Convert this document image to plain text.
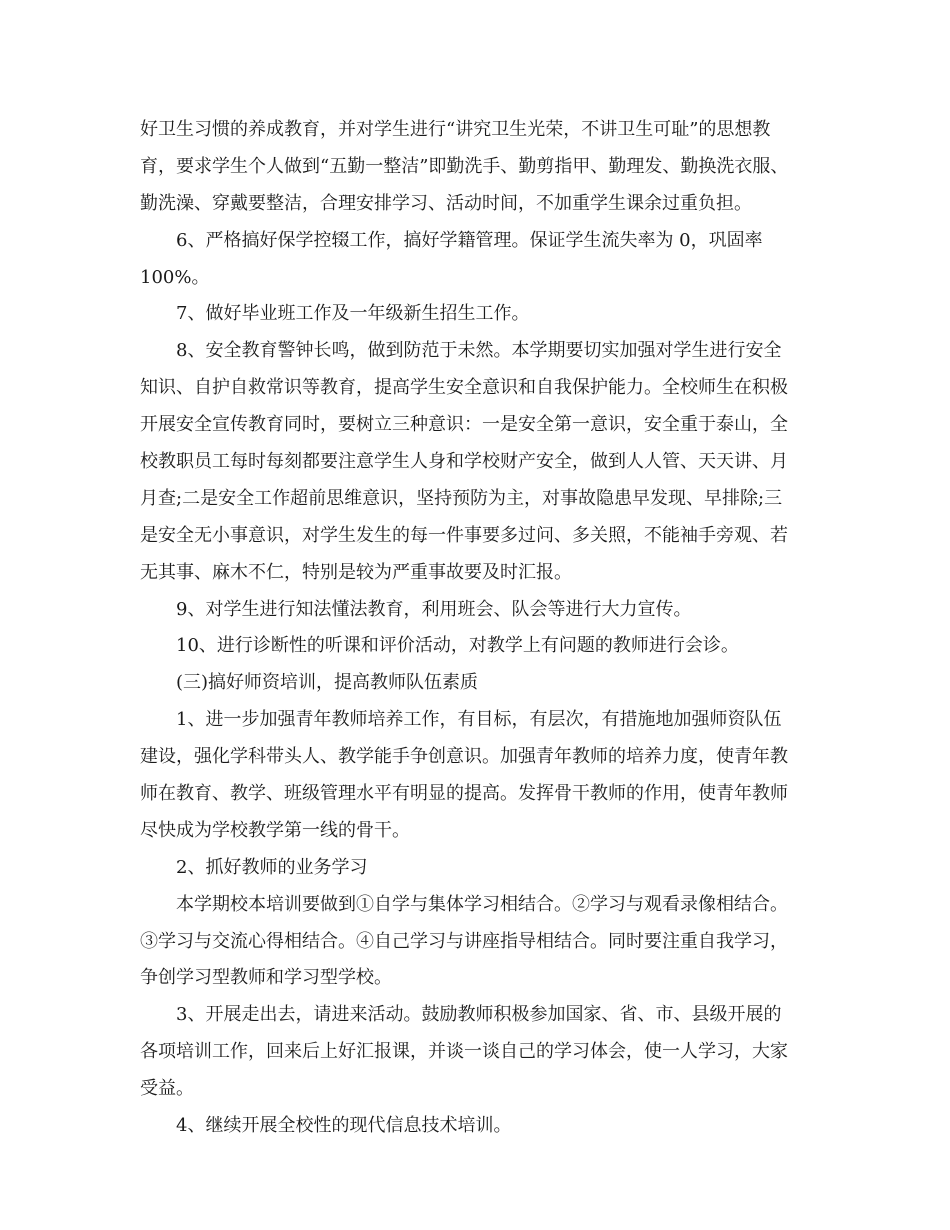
好卫生习惯的养成教育，并对学生进行“讲究卫生光荣，不讲卫生可耻”的思想教
育，要求学生个人做到“五勤一整洁”即勤洗手、勤剪指甲、勤理发、勤换洗衣服、
勤洗澡、穿戴要整洁，合理安排学习、活动时间，不加重学生课余过重负担。
6、严格搞好保学控辍工作，搞好学籍管理。保证学生流失率为 0，巩固率
100%。
7、做好毕业班工作及一年级新生招生工作。
8、安全教育警钟长鸣，做到防范于未然。本学期要切实加强对学生进行安全
知识、自护自救常识等教育，提高学生安全意识和自我保护能力。全校师生在积极
开展安全宣传教育同时，要树立三种意识：一是安全第一意识，安全重于泰山，全
校教职员工每时每刻都要注意学生人身和学校财产安全，做到人人管、天天讲、月
月查;二是安全工作超前思维意识，坚持预防为主，对事故隐患早发现、早排除;三
是安全无小事意识，对学生发生的每一件事要多过问、多关照，不能袖手旁观、若
无其事、麻木不仁，特别是较为严重事故要及时汇报。
9、对学生进行知法懂法教育，利用班会、队会等进行大力宣传。
10、进行诊断性的听课和评价活动，对教学上有问题的教师进行会诊。
(三)搞好师资培训，提高教师队伍素质
1、进一步加强青年教师培养工作，有目标，有层次，有措施地加强师资队伍
建设，强化学科带头人、教学能手争创意识。加强青年教师的培养力度，使青年教
师在教育、教学、班级管理水平有明显的提高。发挥骨干教师的作用，使青年教师
尽快成为学校教学第一线的骨干。
2、抓好教师的业务学习
本学期校本培训要做到①自学与集体学习相结合。②学习与观看录像相结合。
③学习与交流心得相结合。④自己学习与讲座指导相结合。同时要注重自我学习，
争创学习型教师和学习型学校。
3、开展走出去，请进来活动。鼓励教师积极参加国家、省、市、县级开展的
各项培训工作，回来后上好汇报课，并谈一谈自己的学习体会，使一人学习，大家
受益。
4、继续开展全校性的现代信息技术培训。
